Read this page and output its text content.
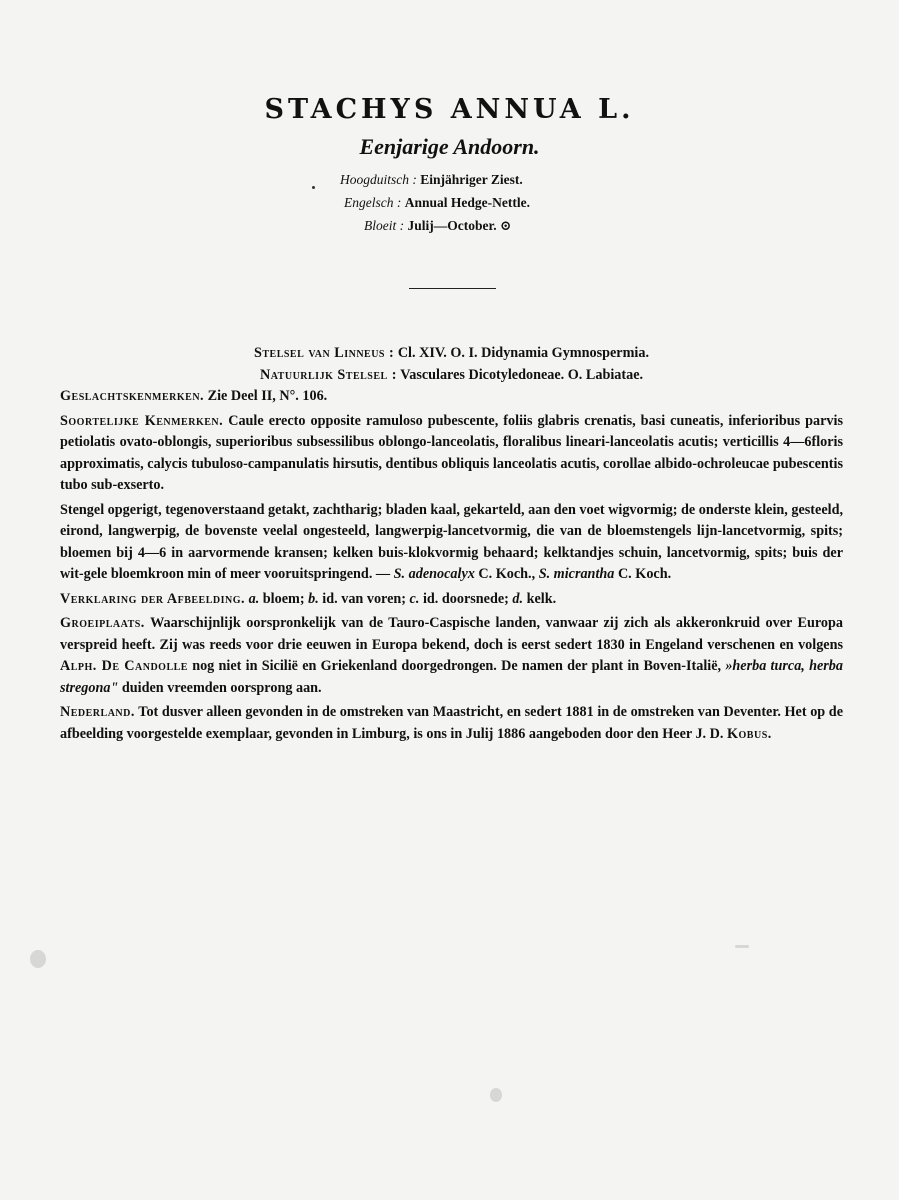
STACHYS ANNUA L.
Eenjarige Andoorn.
Hoogduitsch : Einjähriger Ziest.
Engelsch : Annual Hedge-Nettle.
Bloeit : Julij—October. ⊙

Stelsel van Linneus : Cl. XIV. O. I. Didynamia Gymnospermia.

Natuurlijk Stelsel : Vasculares Dicotyledoneae. O. Labiatae.

Geslachtskenmerken. Zie Deel II, N°. 106.

Soortelijke Kenmerken. Caule erecto opposite ramuloso pubescente, foliis glabris crenatis, basi cuneatis, inferioribus parvis petiolatis ovato-oblongis, superioribus subsessilibus oblongo-lanceolatis, floralibus lineari-lanceolatis acutis; verticillis 4—6floris approximatis, calycis tubuloso-campanulatis hirsutis, dentibus obliquis lanceolatis acutis, corollae albido-ochroleucae pubescentis tubo sub-exserto.

Stengel opgerigt, tegenoverstaand getakt, zachtharig; bladen kaal, gekarteld, aan den voet wigvormig; de onderste klein, gesteeld, eirond, langwerpig, de bovenste veelal ongesteeld, langwerpig-lancetvormig, die van de bloemstengels lijn-lancetvormig, spits; bloemen bij 4—6 in aarvormende kransen; kelken buis-klokvormig behaard; kelktandjes schuin, lancetvormig, spits; buis der wit-gele bloemkroon min of meer vooruitspringend. — S. adenocalyx C. Koch., S. micrantha C. Koch.

Verklaring der Afbeelding. a. bloem; b. id. van voren; c. id. doorsnede; d. kelk.

Groeiplaats. Waarschijnlijk oorspronkelijk van de Tauro-Caspische landen, vanwaar zij zich als akkeronkruid over Europa verspreid heeft. Zij was reeds voor drie eeuwen in Europa bekend, doch is eerst sedert 1830 in Engeland verschenen en volgens Alph. De Candolle nog niet in Sicilië en Griekenland doorgedrongen. De namen der plant in Boven-Italië, »herba turca, herba stregona" duiden vreemden oorsprong aan.

Nederland. Tot dusver alleen gevonden in de omstreken van Maastricht, en sedert 1881 in de omstreken van Deventer. Het op de afbeelding voorgestelde exemplaar, gevonden in Limburg, is ons in Julij 1886 aangeboden door den Heer J. D. Kobus.
